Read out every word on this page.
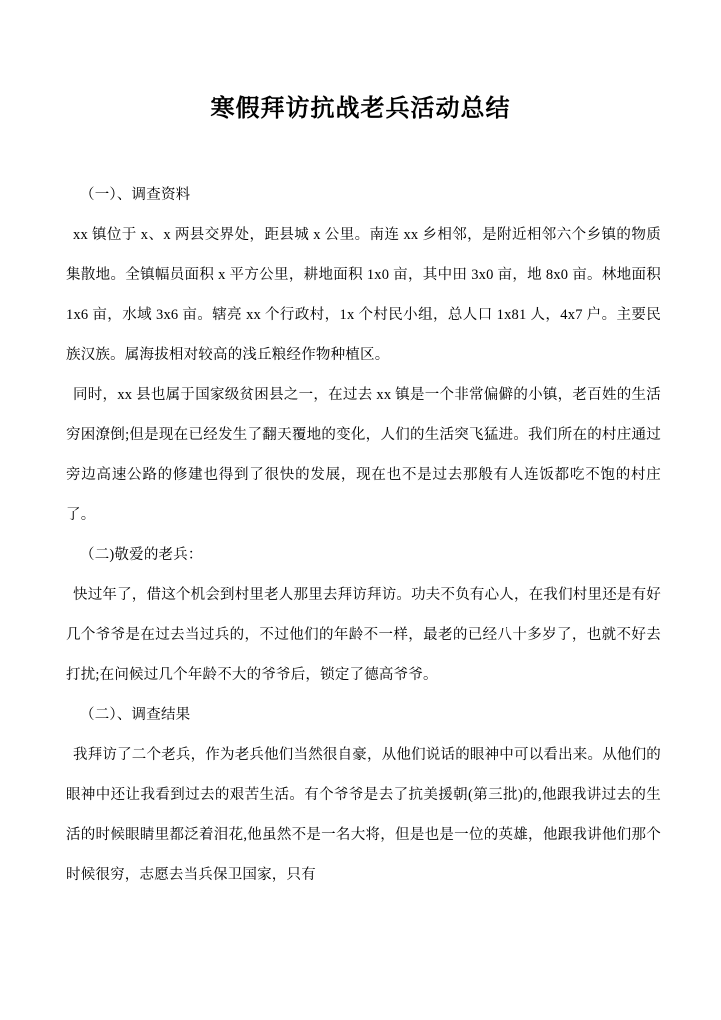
寒假拜访抗战老兵活动总结

（一）、调查资料

xx 镇位于 x、x 两县交界处，距县城 x 公里。南连 xx 乡相邻，是附近相邻六个乡镇的物质集散地。全镇幅员面积 x 平方公里，耕地面积 1x0 亩，其中田 3x0 亩，地 8x0 亩。林地面积 1x6 亩，水域 3x6 亩。辖亮 xx 个行政村，1x 个村民小组，总人口 1x81 人，4x7 户。主要民族汉族。属海拔相对较高的浅丘粮经作物种植区。

同时，xx 县也属于国家级贫困县之一，在过去 xx 镇是一个非常偏僻的小镇，老百姓的生活穷困潦倒;但是现在已经发生了翻天覆地的变化，人们的生活突飞猛进。我们所在的村庄通过旁边高速公路的修建也得到了很快的发展，现在也不是过去那般有人连饭都吃不饱的村庄了。

（二)敬爱的老兵：

快过年了，借这个机会到村里老人那里去拜访拜访。功夫不负有心人，在我们村里还是有好几个爷爷是在过去当过兵的，不过他们的年龄不一样，最老的已经八十多岁了，也就不好去打扰;在问候过几个年龄不大的爷爷后，锁定了德高爷爷。

（二）、调查结果

我拜访了二个老兵，作为老兵他们当然很自豪，从他们说话的眼神中可以看出来。从他们的眼神中还让我看到过去的艰苦生活。有个爷爷是去了抗美援朝(第三批)的,他跟我讲过去的生活的时候眼睛里都泛着泪花,他虽然不是一名大将，但是也是一位的英雄，他跟我讲他们那个时候很穷，志愿去当兵保卫国家，只有
